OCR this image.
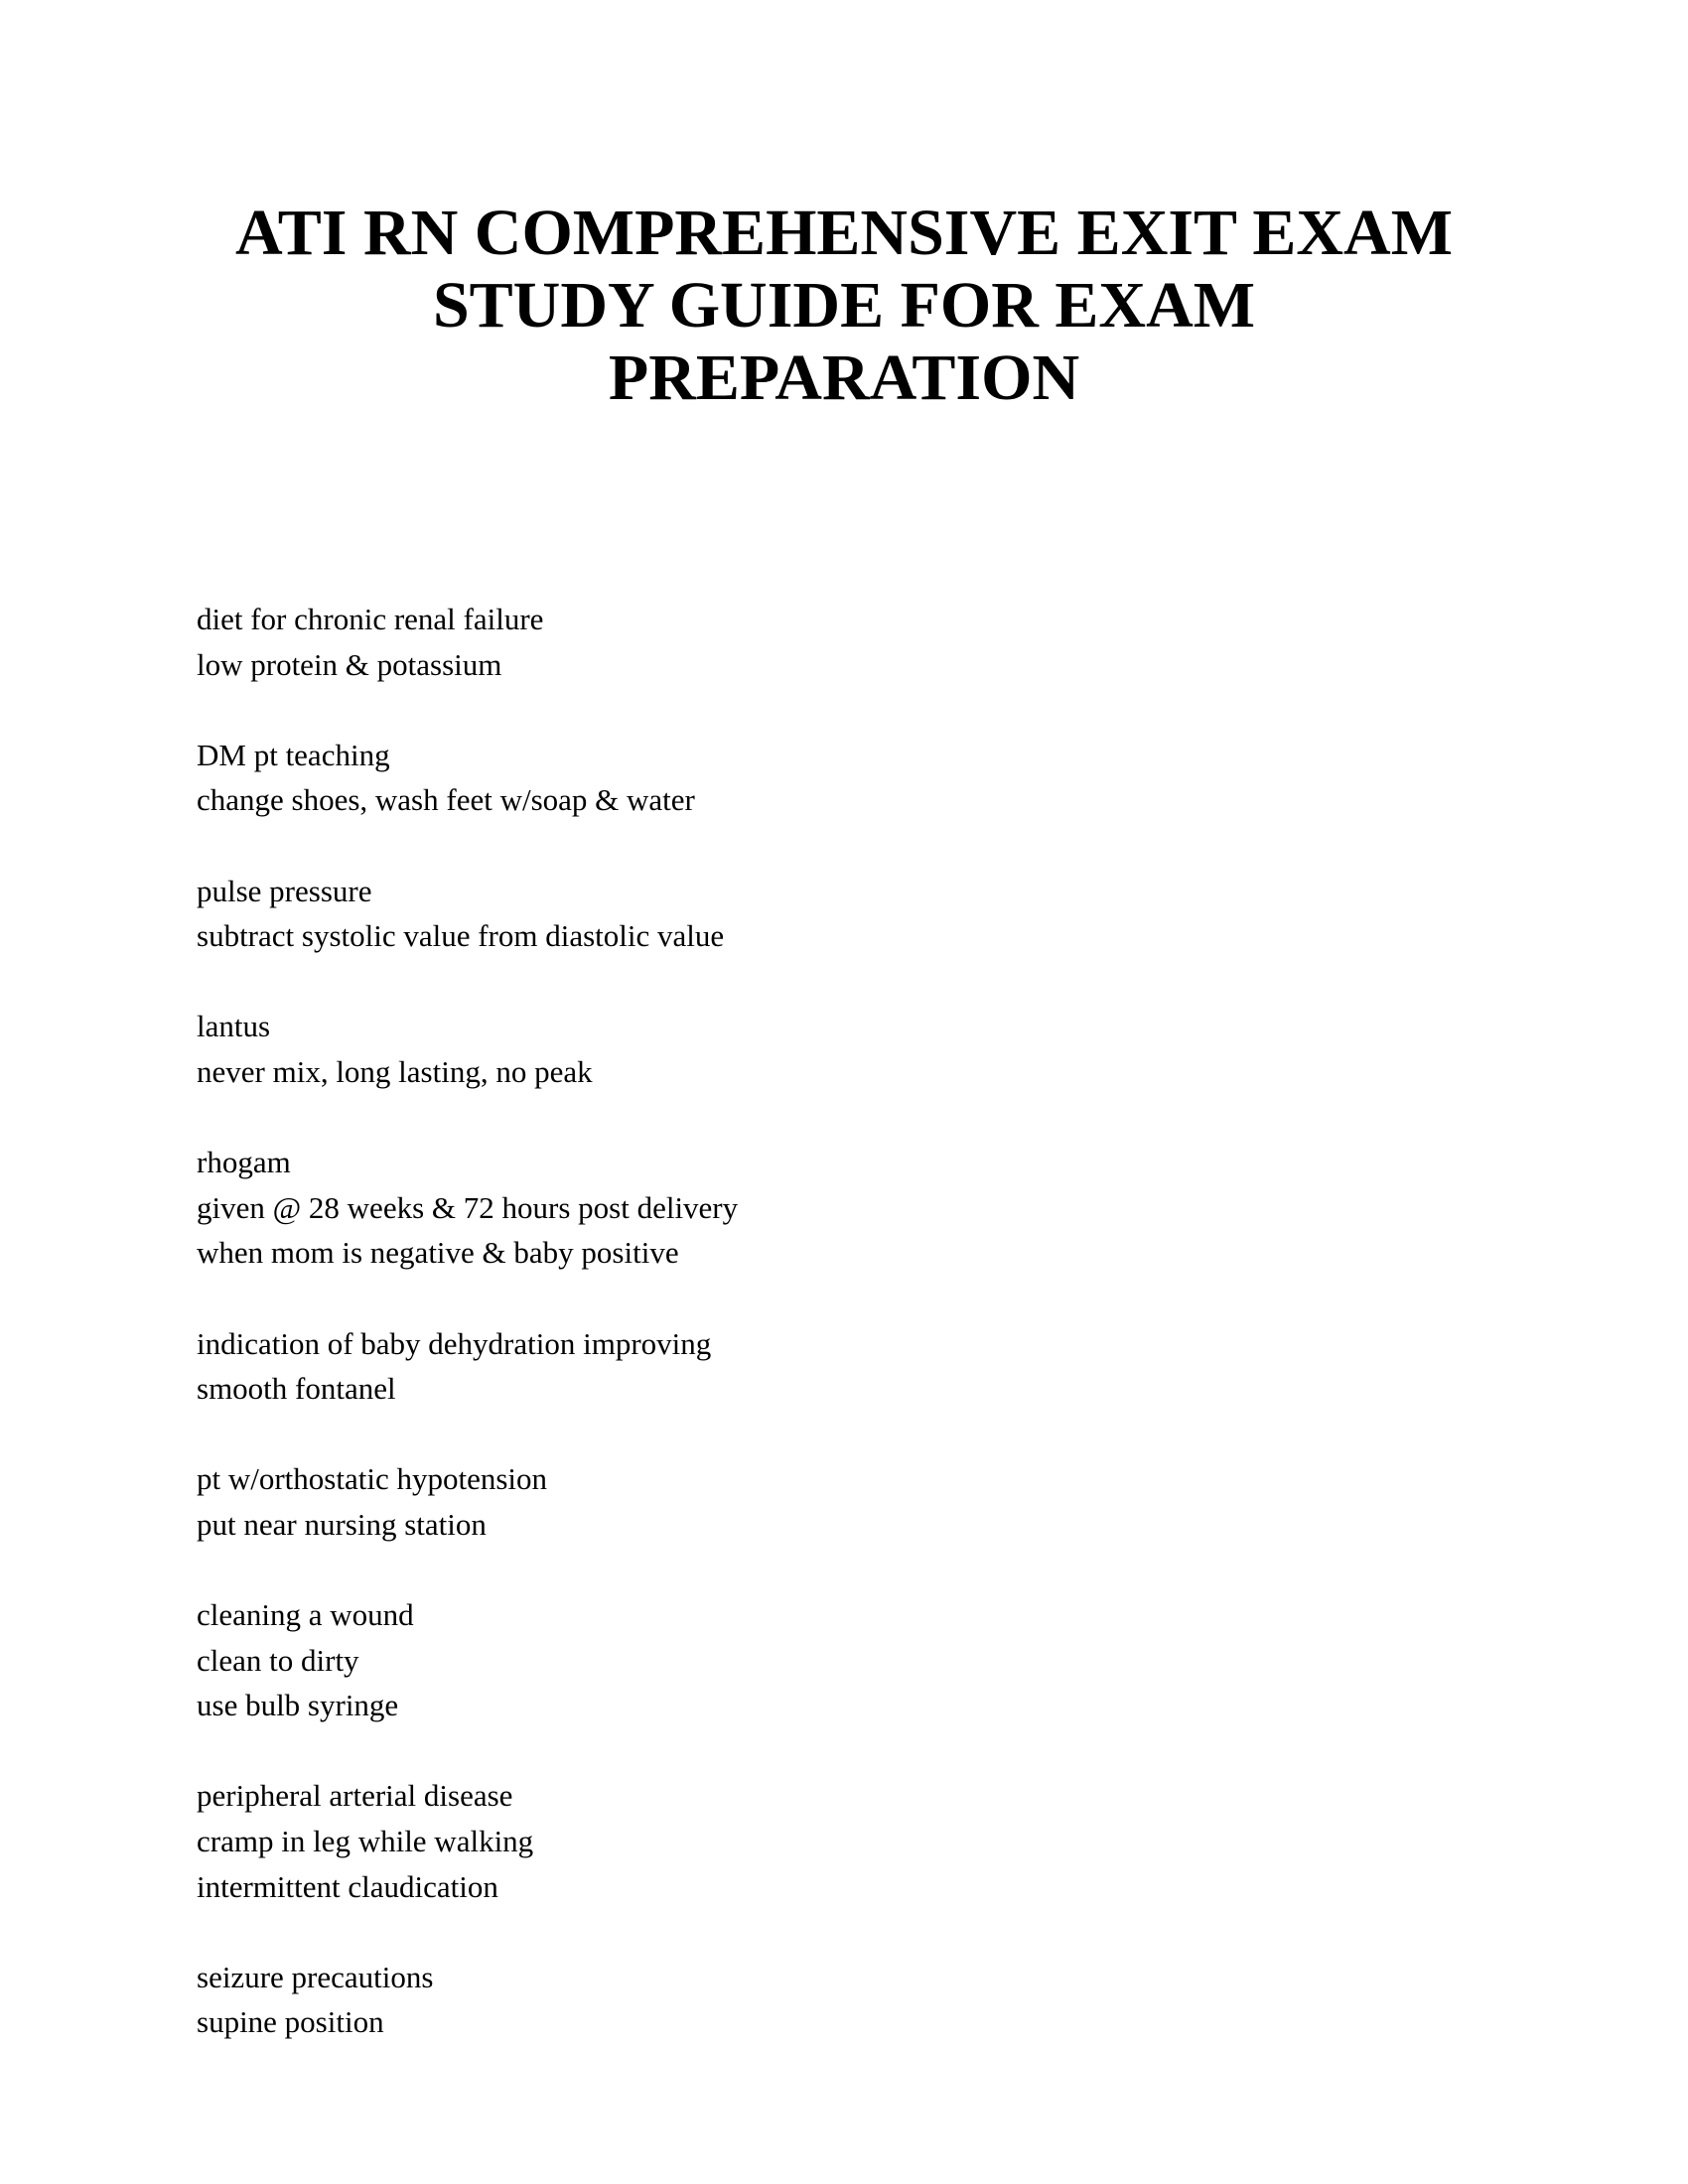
ATI RN COMPREHENSIVE EXIT EXAM
STUDY GUIDE FOR EXAM
PREPARATION
diet for chronic renal failure
low protein & potassium
DM pt teaching
change shoes, wash feet w/soap & water
pulse pressure
subtract systolic value from diastolic value
lantus
never mix, long lasting, no peak
rhogam
given @ 28 weeks & 72 hours post delivery
when mom is negative & baby positive
indication of baby dehydration improving
smooth fontanel
pt w/orthostatic hypotension
put near nursing station
cleaning a wound
clean to dirty
use bulb syringe
peripheral arterial disease
cramp in leg while walking
intermittent claudication
seizure precautions
supine position
